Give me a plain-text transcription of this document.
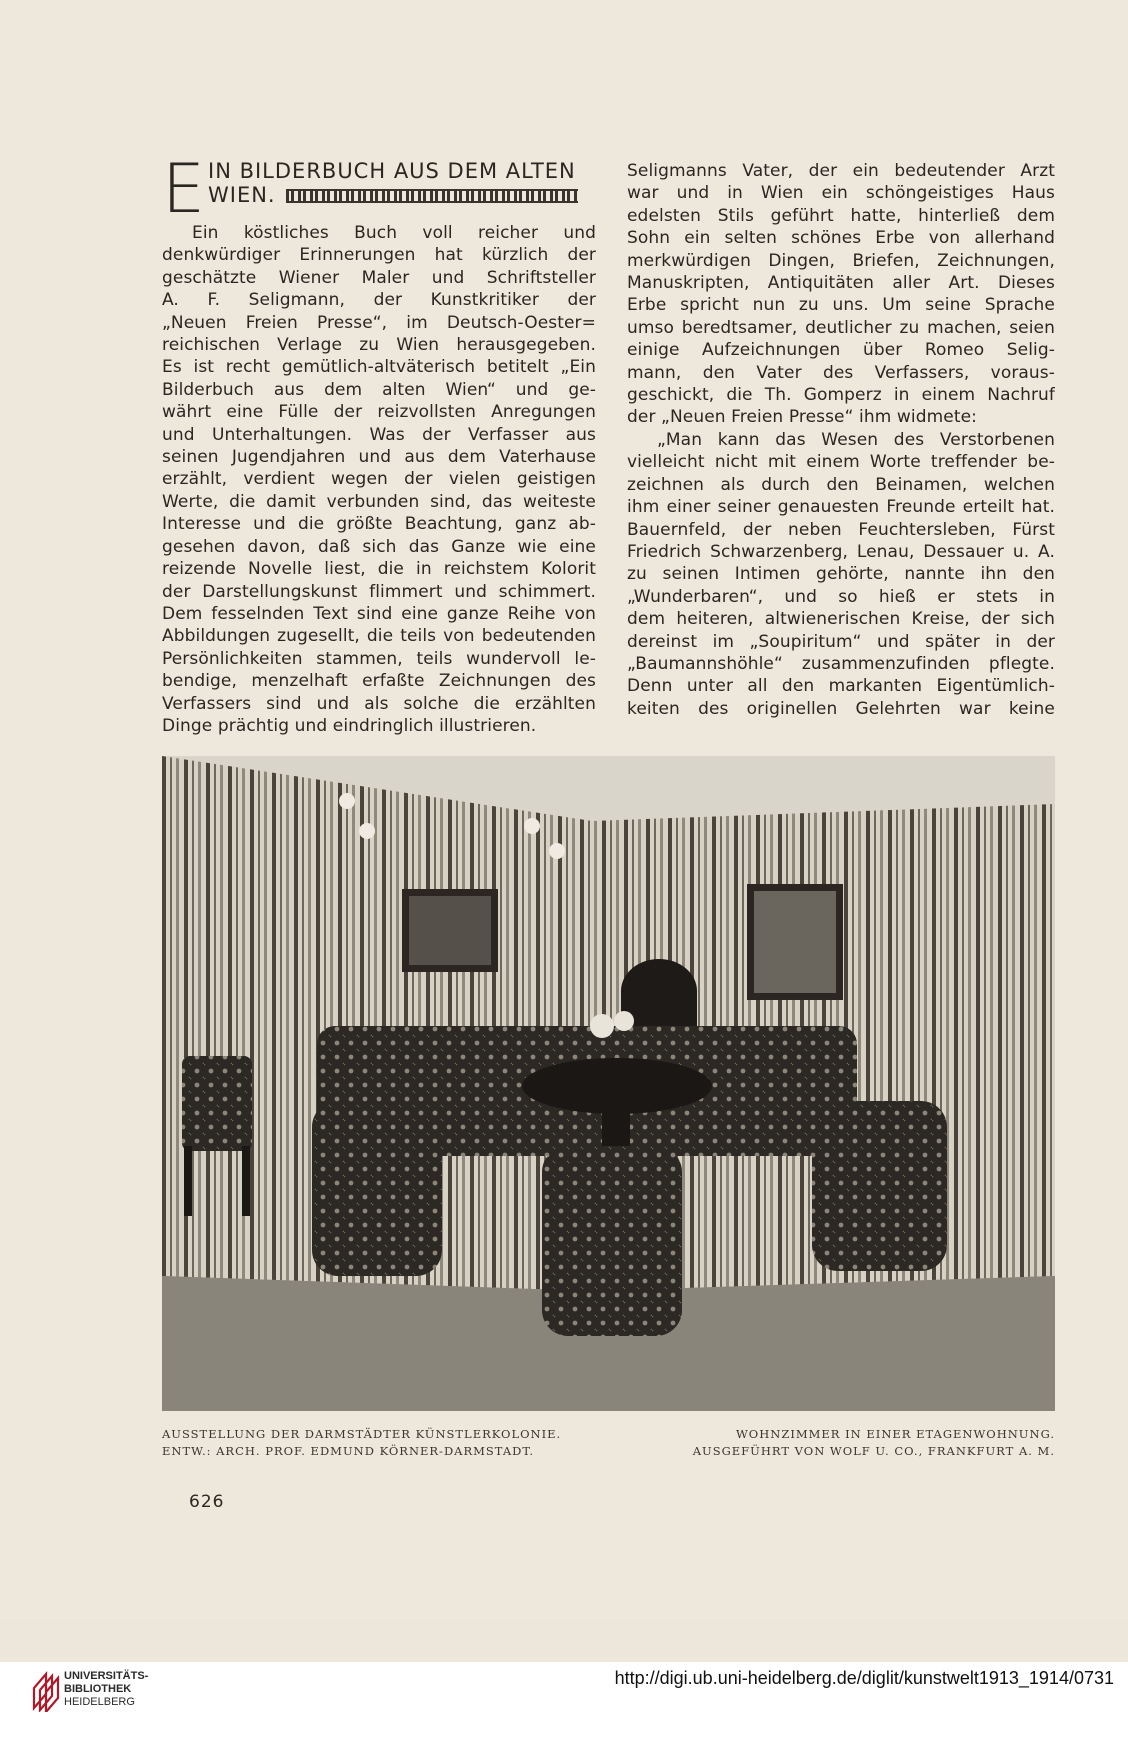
E IN BILDERBUCH AUS DEM ALTEN
WIEN.
Ein köstliches Buch voll reicher und
denkwürdiger Erinnerungen hat kürzlich der
geschätzte Wiener Maler und Schriftsteller
A. F. Seligmann, der Kunstkritiker der
„Neuen Freien Presse“, im Deutsch-Oester=
reichischen Verlage zu Wien herausgegeben.
Es ist recht gemütlich-altväterisch betitelt „Ein
Bilderbuch aus dem alten Wien“ und ge-
währt eine Fülle der reizvollsten Anregungen
und Unterhaltungen. Was der Verfasser aus
seinen Jugendjahren und aus dem Vaterhause
erzählt, verdient wegen der vielen geistigen
Werte, die damit verbunden sind, das weiteste
Interesse und die größte Beachtung, ganz ab-
gesehen davon, daß sich das Ganze wie eine
reizende Novelle liest, die in reichstem Kolorit
der Darstellungskunst flimmert und schimmert.
Dem fesselnden Text sind eine ganze Reihe von
Abbildungen zugesellt, die teils von bedeutenden
Persönlichkeiten stammen, teils wundervoll le-
bendige, menzelhaft erfaßte Zeichnungen des
Verfassers sind und als solche die erzählten
Dinge prächtig und eindringlich illustrieren.
Seligmanns Vater, der ein bedeutender Arzt
war und in Wien ein schöngeistiges Haus
edelsten Stils geführt hatte, hinterließ dem
Sohn ein selten schönes Erbe von allerhand
merkwürdigen Dingen, Briefen, Zeichnungen,
Manuskripten, Antiquitäten aller Art. Dieses
Erbe spricht nun zu uns. Um seine Sprache
umso beredtsamer, deutlicher zu machen, seien
einige Aufzeichnungen über Romeo Selig-
mann, den Vater des Verfassers, voraus-
geschickt, die Th. Gomperz in einem Nachruf
der „Neuen Freien Presse“ ihm widmete:
„Man kann das Wesen des Verstorbenen
vielleicht nicht mit einem Worte treffender be-
zeichnen als durch den Beinamen, welchen
ihm einer seiner genauesten Freunde erteilt hat.
Bauernfeld, der neben Feuchtersleben, Fürst
Friedrich Schwarzenberg, Lenau, Dessauer u. A.
zu seinen Intimen gehörte, nannte ihn den
„Wunderbaren“, und so hieß er stets in
dem heiteren, altwienerischen Kreise, der sich
dereinst im „Soupiritum“ und später in der
„Baumannshöhle“ zusammenzufinden pflegte.
Denn unter all den markanten Eigentümlich-
keiten des originellen Gelehrten war keine
AUSSTELLUNG DER DARMSTÄDTER KÜNSTLERKOLONIE.
ENTW.: ARCH. PROF. EDMUND KÖRNER-DARMSTADT.
WOHNZIMMER IN EINER ETAGENWOHNUNG.
AUSGEFÜHRT VON WOLF U. CO., FRANKFURT A. M.
626
UNIVERSITÄTS-
BIBLIOTHEK
HEIDELBERG
http://digi.ub.uni-heidelberg.de/diglit/kunstwelt1913_1914/0731
